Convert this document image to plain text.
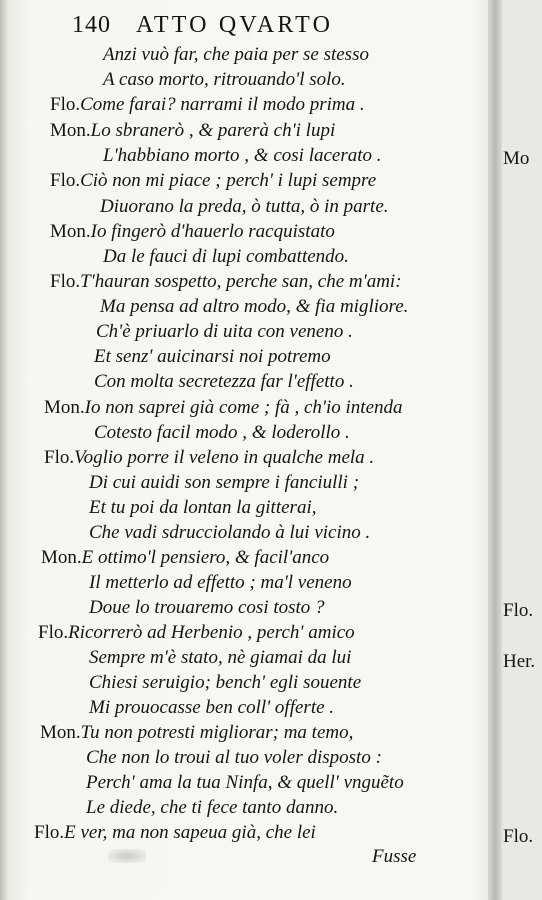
140 ATTO QVARTO
Anzi vuò far, che paia per se stesso
A caso morto, ritrouando'l solo.
Flo.Come farai? narrami il modo prima .
Mon.Lo sbranerò , & parerà ch'i lupi
L'habbiano morto , & cosi lacerato .
Flo.Ciò non mi piace ; perch' i lupi sempre
Diuorano la preda, ò tutta, ò in parte.
Mon.Io fingerò d'hauerlo racquistato
Da le fauci di lupi combattendo.
Flo.T'hauran sospetto, perche san, che m'ami:
Ma pensa ad altro modo, & fia migliore.
Ch'è priuarlo di uita con veneno .
Et senz' auicinarsi noi potremo
Con molta secretezza far l'effetto .
Mon.Io non saprei già come ; fà , ch'io intenda
Cotesto facil modo , & loderollo .
Flo.Voglio porre il veleno in qualche mela .
Di cui auidi son sempre i fanciulli ;
Et tu poi da lontan la gitterai,
Che vadi sdrucciolando à lui vicino .
Mon.E ottimo'l pensiero, & facil'anco
Il metterlo ad effetto ; ma'l veneno
Doue lo trouaremo cosi tosto ?
Flo.Ricorrerò ad Herbenio , perch' amico
Sempre m'è stato, nè giamai da lui
Chiesi seruigio; bench' egli souente
Mi prouocasse ben coll' offerte .
Mon.Tu non potresti migliorar; ma temo,
Che non lo troui al tuo voler disposto :
Perch' ama la tua Ninfa, & quell' vnguẽto
Le diede, che ti fece tanto danno.
Flo.E ver, ma non sapeua già, che lei
Fusse
Mo
Flo.
Her.
Flo.
